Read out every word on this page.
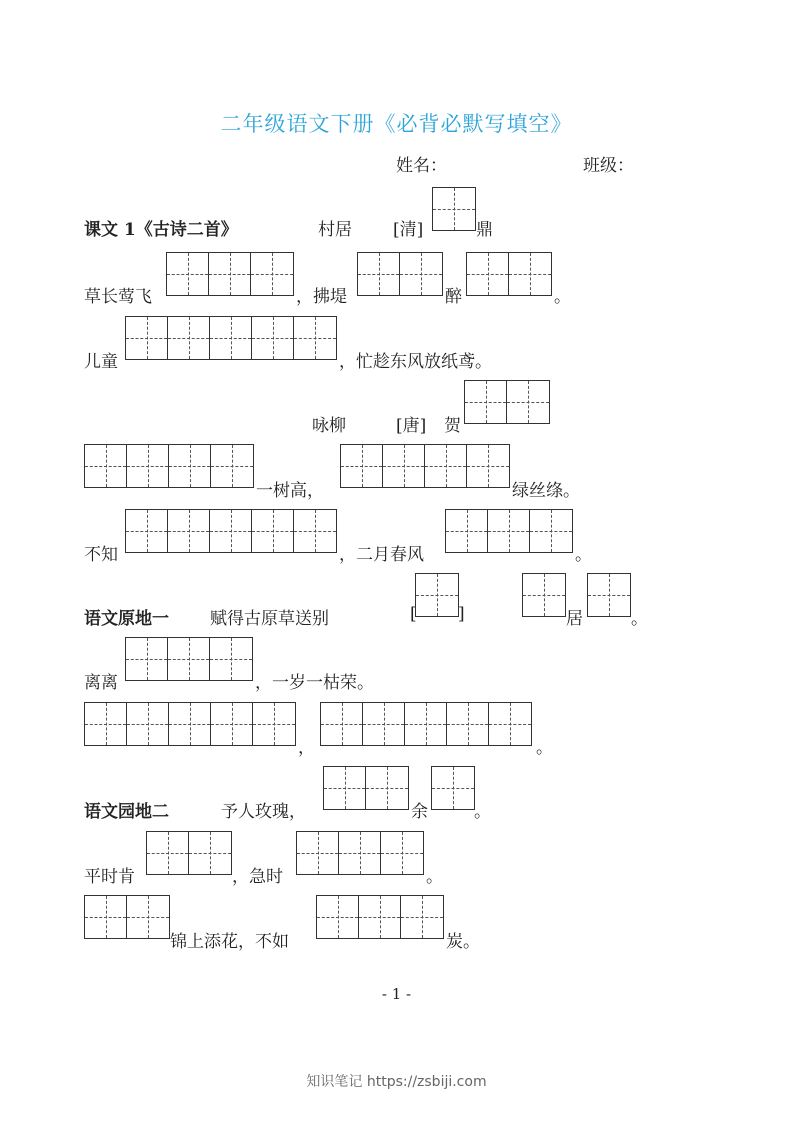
二年级语文下册《必背必默写填空》
姓名：	班级：
课文 1《古诗二首》	村居 [清]	鼎
草长莺飞	，拂堤	醉	。
儿童	，忙趁东风放纸鸢。
咏柳	[唐] 贺
一树高，	绿丝绦。
不知	，二月春风	。
语文原地一 赋得古原草送别	[ ]	居	。
离离	，一岁一枯荣。
，	。
语文园地二	予人玫瑰，	余	。
平时肯	，急时	。
锦上添花，不如	炭。
- 1 -
知识笔记 https://zsbiji.com
